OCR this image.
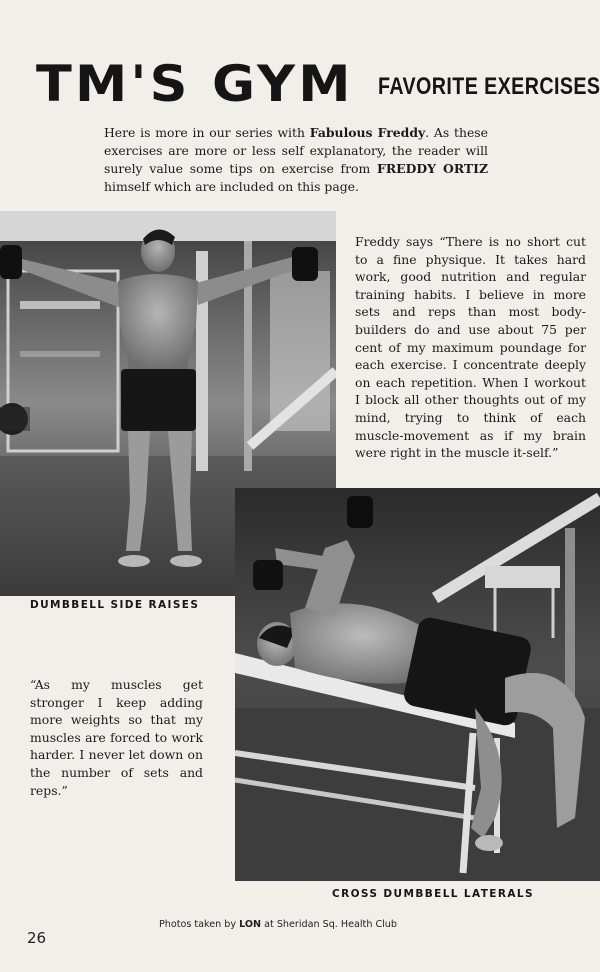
TM'S GYM FAVORITE EXERCISES

Here is more in our series with Fabulous Freddy. As these exercises are more or less self explanatory, the reader will surely value some tips on exercise from FREDDY ORTIZ himself which are included on this page.

DUMBBELL SIDE RAISES

CROSS DUMBBELL LATERALS

Freddy says “There is no short cut to a fine physique. It takes hard work, good nutrition and regular training habits. I believe in more sets and reps than most body-builders do and use about 75 per cent of my maximum poundage for each exercise. I concentrate deeply on each repetition. When I workout I block all other thoughts out of my mind, trying to think of each muscle-movement as if my brain were right in the muscle it-self.”

“As my muscles get stronger I keep adding more weights so that my muscles are forced to work harder. I never let down on the number of sets and reps.”

Photos taken by LON at Sheridan Sq. Health Club

26
